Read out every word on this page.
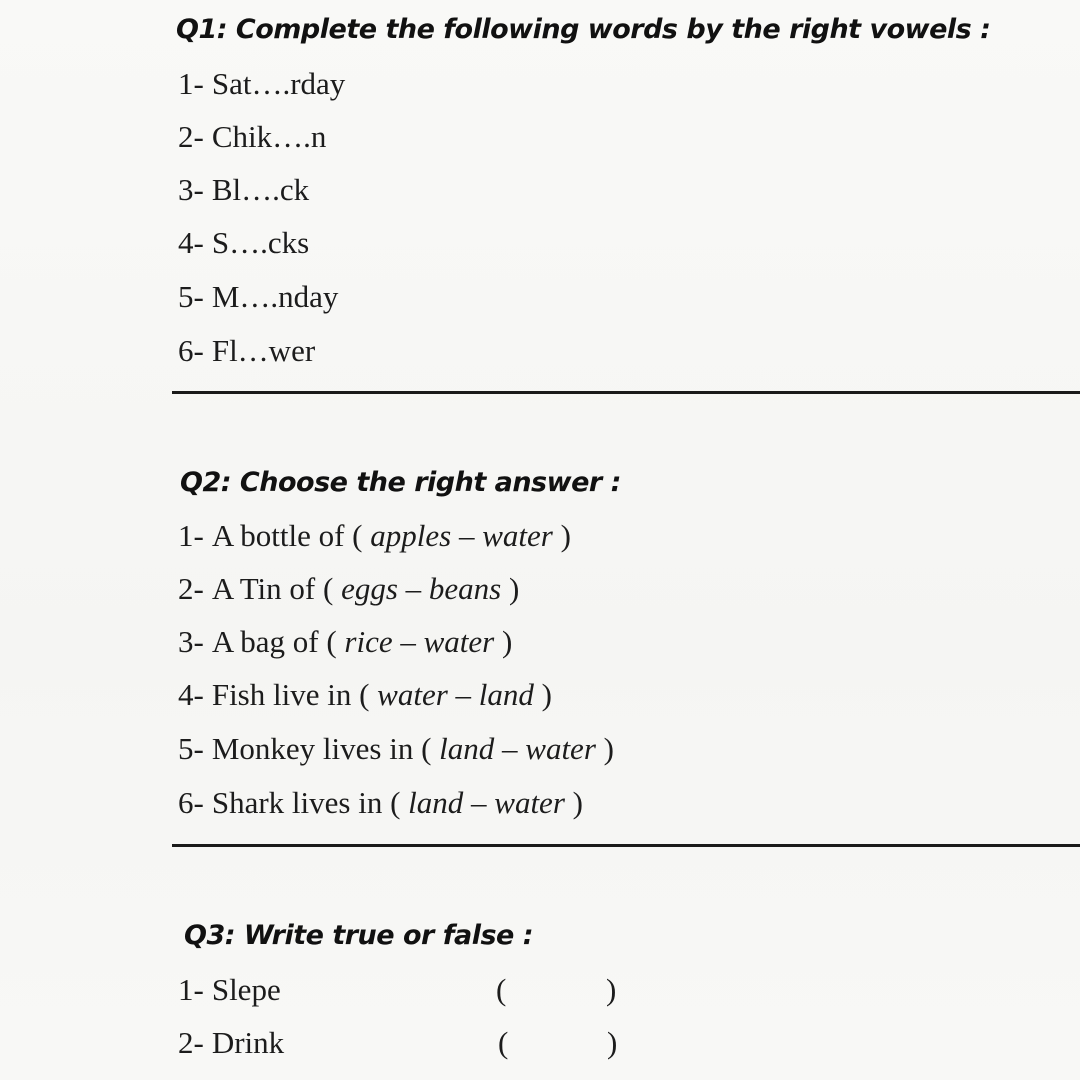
Q1: Complete the following words by the right vowels :
1- Sat….rday
2- Chik….n
3- Bl….ck
4- S….cks
5- M….nday
6- Fl…wer
Q2: Choose the right answer :
1- A bottle of ( apples – water )
2- A Tin of ( eggs – beans )
3- A bag of ( rice – water )
4- Fish live in ( water – land )
5- Monkey lives in ( land – water )
6- Shark lives in ( land – water )
Q3: Write true or false :
1- Slepe	(	)
2- Drink	(	)
